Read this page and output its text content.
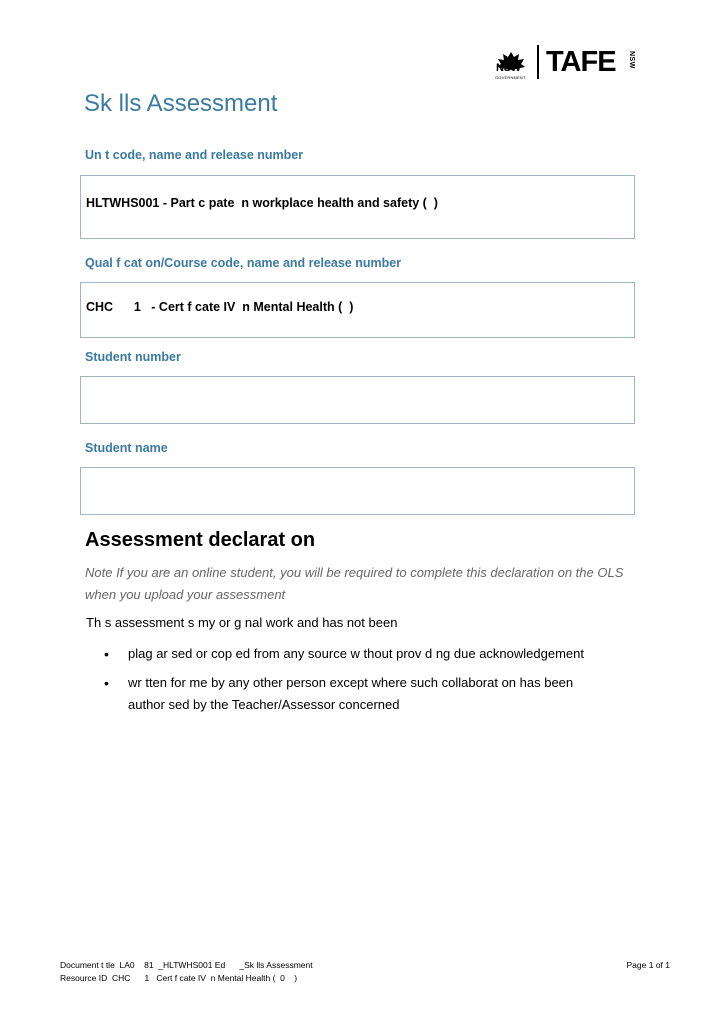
NSW
GOVERNMENT TAFE NSW
Sk lls Assessment
Un t code, name and release number
HLTWHS001 - Part c pate  n workplace health and safety (  )
Qual f cat on/Course code, name and release number
CHC      1   - Cert f cate IV  n Mental Health (  )
Student number
Student name
Assessment declarat on
Note If you are an online student, you will be required to complete this declaration on the OLS when you upload your assessment
Th s assessment s my or g nal work and has not been
• plag ar sed or cop ed from any source w thout prov d ng due acknowledgement
• wr tten for me by any other person except where such collaborat on has been author sed by the Teacher/Assessor concerned
Document t tle  LA0    81  _HLTWHS001 Ed      _Sk lls Assessment
Resource ID  CHC      1   Cert f cate IV  n Mental Health (  0    )
Page 1 of 1
